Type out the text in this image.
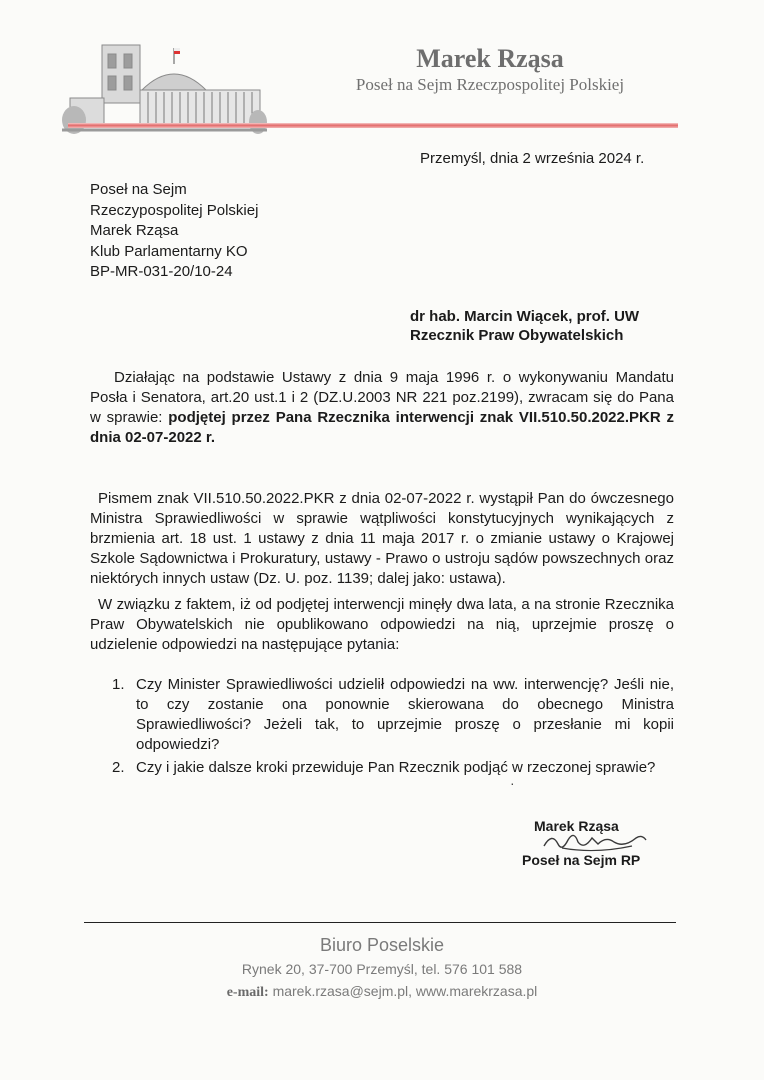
Marek Rząsa
Poseł na Sejm Rzeczpospolitej Polskiej
Przemyśl, dnia 2 września 2024 r.
Poseł na Sejm
Rzeczypospolitej Polskiej
Marek Rząsa
Klub Parlamentarny KO
BP-MR-031-20/10-24
dr hab. Marcin Wiącek, prof. UW
Rzecznik Praw Obywatelskich
Działając na podstawie Ustawy z dnia 9 maja 1996 r. o wykonywaniu Mandatu Posła i Senatora, art.20 ust.1 i 2 (DZ.U.2003 NR 221 poz.2199), zwracam się do Pana w sprawie: podjętej przez Pana Rzecznika interwencji znak VII.510.50.2022.PKR z dnia 02-07-2022 r.
Pismem znak VII.510.50.2022.PKR z dnia 02-07-2022 r. wystąpił Pan do ówczesnego Ministra Sprawiedliwości w sprawie wątpliwości konstytucyjnych wynikających z brzmienia art. 18 ust. 1 ustawy z dnia 11 maja 2017 r. o zmianie ustawy o Krajowej Szkole Sądownictwa i Prokuratury, ustawy - Prawo o ustroju sądów powszechnych oraz niektórych innych ustaw (Dz. U. poz. 1139; dalej jako: ustawa).
W związku z faktem, iż od podjętej interwencji minęły dwa lata, a na stronie Rzecznika Praw Obywatelskich nie opublikowano odpowiedzi na nią, uprzejmie proszę o udzielenie odpowiedzi na następujące pytania:
1. Czy Minister Sprawiedliwości udzielił odpowiedzi na ww. interwencję? Jeśli nie, to czy zostanie ona ponownie skierowana do obecnego Ministra Sprawiedliwości? Jeżeli tak, to uprzejmie proszę o przesłanie mi kopii odpowiedzi?
2. Czy i jakie dalsze kroki przewiduje Pan Rzecznik podjąć w rzeczonej sprawie?
·
Marek Rząsa
Poseł na Sejm RP
Biuro Poselskie
Rynek 20, 37-700 Przemyśl, tel. 576 101 588
e-mail: marek.rzasa@sejm.pl, www.marekrzasa.pl
